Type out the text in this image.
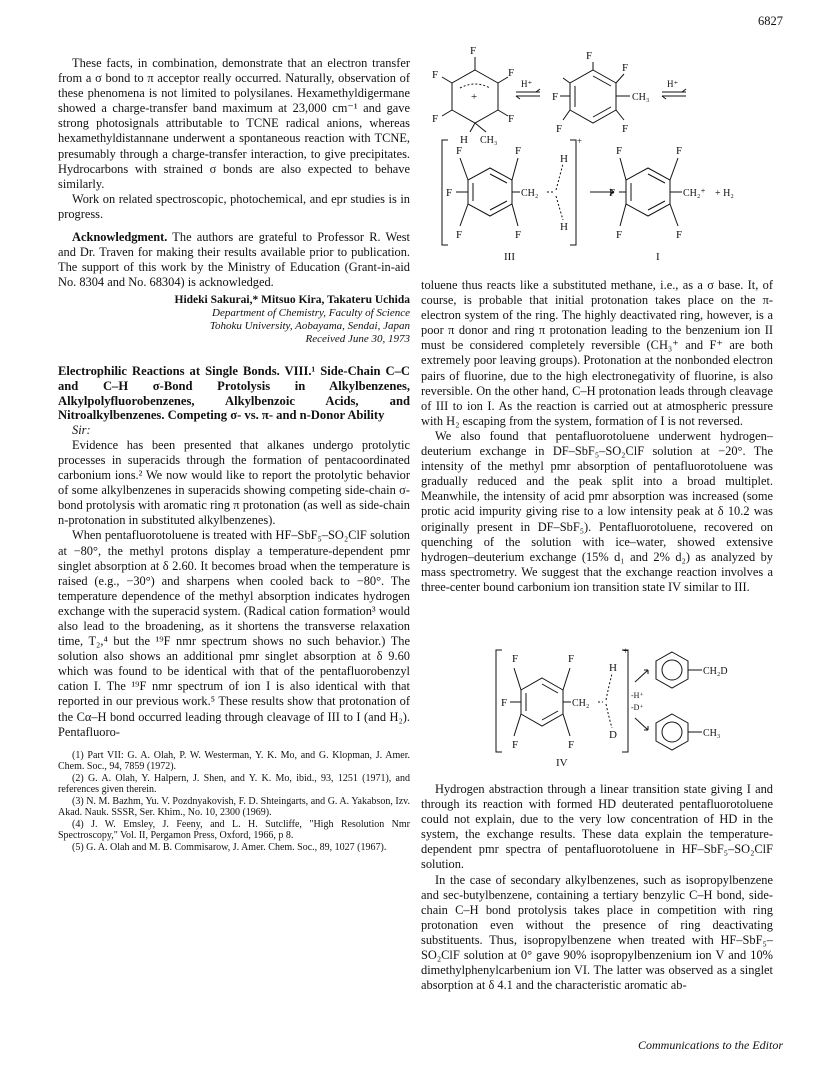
6827

These facts, in combination, demonstrate that an electron transfer from a σ bond to π acceptor really occurred. Naturally, observation of these phenomena is not limited to polysilanes. Hexamethyldigermane showed a charge-transfer band maximum at 23,000 cm⁻¹ and gave strong photosignals attributable to TCNE radical anions, whereas hexamethyldistannane underwent a spontaneous reaction with TCNE, presumably through a charge-transfer interaction, to give precipitates. Hydrocarbons with strained σ bonds are also expected to behave similarly.

Work on related spectroscopic, photochemical, and epr studies is in progress.

Acknowledgment. The authors are grateful to Professor R. West and Dr. Traven for making their results available prior to publication. The support of this work by the Ministry of Education (Grant-in-aid No. 8304 and No. 68304) is acknowledged.

Hideki Sakurai,* Mitsuo Kira, Takateru Uchida
Department of Chemistry, Faculty of Science
Tohoku University, Aobayama, Sendai, Japan
Received June 30, 1973
Electrophilic Reactions at Single Bonds. VIII.¹ Side-Chain C–C and C–H σ-Bond Protolysis in Alkylbenzenes, Alkylpolyfluorobenzenes, Alkylbenzoic Acids, and Nitroalkylbenzenes. Competing σ- vs. π- and n-Donor Ability

Sir:

Evidence has been presented that alkanes undergo protolytic processes in superacids through the formation of pentacoordinated carbonium ions.² We now would like to report the protolytic behavior of some alkylbenzenes in superacids showing competing side-chain σ-bond protolysis with aromatic ring π protonation (as well as side-chain n-protonation in substituted alkylbenzenes).

When pentafluorotoluene is treated with HF–SbF₅–SO₂ClF solution at −80°, the methyl protons display a temperature-dependent pmr singlet absorption at δ 2.60. It becomes broad when the temperature is raised (e.g., −30°) and sharpens when cooled back to −80°. The temperature dependence of the methyl absorption indicates hydrogen exchange with the superacid system. (Radical cation formation³ would also lead to the broadening, as it shortens the transverse relaxation time, T₂,⁴ but the ¹⁹F nmr spectrum shows no such behavior.) The solution also shows an additional pmr singlet absorption at δ 9.60 which was found to be identical with that of the pentafluorobenzyl cation I. The ¹⁹F nmr spectrum of ion I is also identical with that reported in our previous work.⁵ These results show that protonation of the Cα–H bond occurred leading through cleavage of III to I (and H₂). Pentafluoro-

(1) Part VII: G. A. Olah, P. W. Westerman, Y. K. Mo, and G. Klopman, J. Amer. Chem. Soc., 94, 7859 (1972).
(2) G. A. Olah, Y. Halpern, J. Shen, and Y. K. Mo, ibid., 93, 1251 (1971), and references given therein.
(3) N. M. Bazhm, Yu. V. Pozdnyakovish, F. D. Shteingarts, and G. A. Yakabson, Izv. Akad. Nauk. SSSR, Ser. Khim., No. 10, 2300 (1969).
(4) J. W. Emsley, J. Feeny, and L. H. Sutcliffe, "High Resolution Nmr Spectroscopy," Vol. II, Pergamon Press, Oxford, 1966, p 8.
(5) G. A. Olah and M. B. Commisarow, J. Amer. Chem. Soc., 89, 1027 (1967).
F
F	F
F	F
+
H CH₃
H⁺
F
F
F
F	F
CH₃
H⁺
F	F
F
F	F
CH₂
H
H
+
III
F	F
F
F	F
CH₂⁺ + H₂
I

toluene thus reacts like a substituted methane, i.e., as a σ base. It, of course, is probable that initial protonation takes place on the π-electron system of the ring. The highly deactivated ring, however, is a poor π donor and ring π protonation leading to the benzenium ion II must be considered completely reversible (CH₃⁺ and F⁺ are both extremely poor leaving groups). Protonation at the nonbonded electron pairs of fluorine, due to the high electronegativity of fluorine, is also reversible. On the other hand, C–H protonation leads through cleavage of III to ion I. As the reaction is carried out at atmospheric pressure with H₂ escaping from the system, formation of I is not reversed.

We also found that pentafluorotoluene underwent hydrogen–deuterium exchange in DF–SbF₅–SO₂ClF solution at −20°. The intensity of the methyl pmr absorption of pentafluorotoluene was gradually reduced and the peak split into a broad multiplet. Meanwhile, the intensity of acid pmr absorption was increased (some protic acid impurity giving rise to a low intensity peak at δ 10.2 was originally present in DF–SbF₅). Pentafluorotoluene, recovered on quenching of the solution with ice–water, showed extensive hydrogen–deuterium exchange (15% d₁ and 2% d₂) as analyzed by mass spectrometry. We suggest that the exchange reaction involves a three-center bound carbonium ion transition state IV similar to III.

F	F
F
F	F
CH₂
H
D
+
-H⁺
-D⁺
CH₂D
CH₃
IV

Hydrogen abstraction through a linear transition state giving I and through its reaction with formed HD deuterated pentafluorotoluene could not explain, due to the very low concentration of HD in the system, the exchange results. These data explain the temperature-dependent pmr spectra of pentafluorotoluene in HF–SbF₅–SO₂ClF solution.

In the case of secondary alkylbenzenes, such as isopropylbenzene and sec-butylbenzene, containing a tertiary benzylic C–H bond, side-chain C–H bond protolysis takes place in competition with ring protonation even without the presence of ring deactivating substituents. Thus, isopropylbenzene when treated with HF–SbF₅–SO₂ClF solution at 0° gave 90% isopropylbenzenium ion V and 10% dimethylphenylcarbenium ion VI. The latter was observed as a singlet absorption at δ 4.1 and the characteristic aromatic ab-

Communications to the Editor
